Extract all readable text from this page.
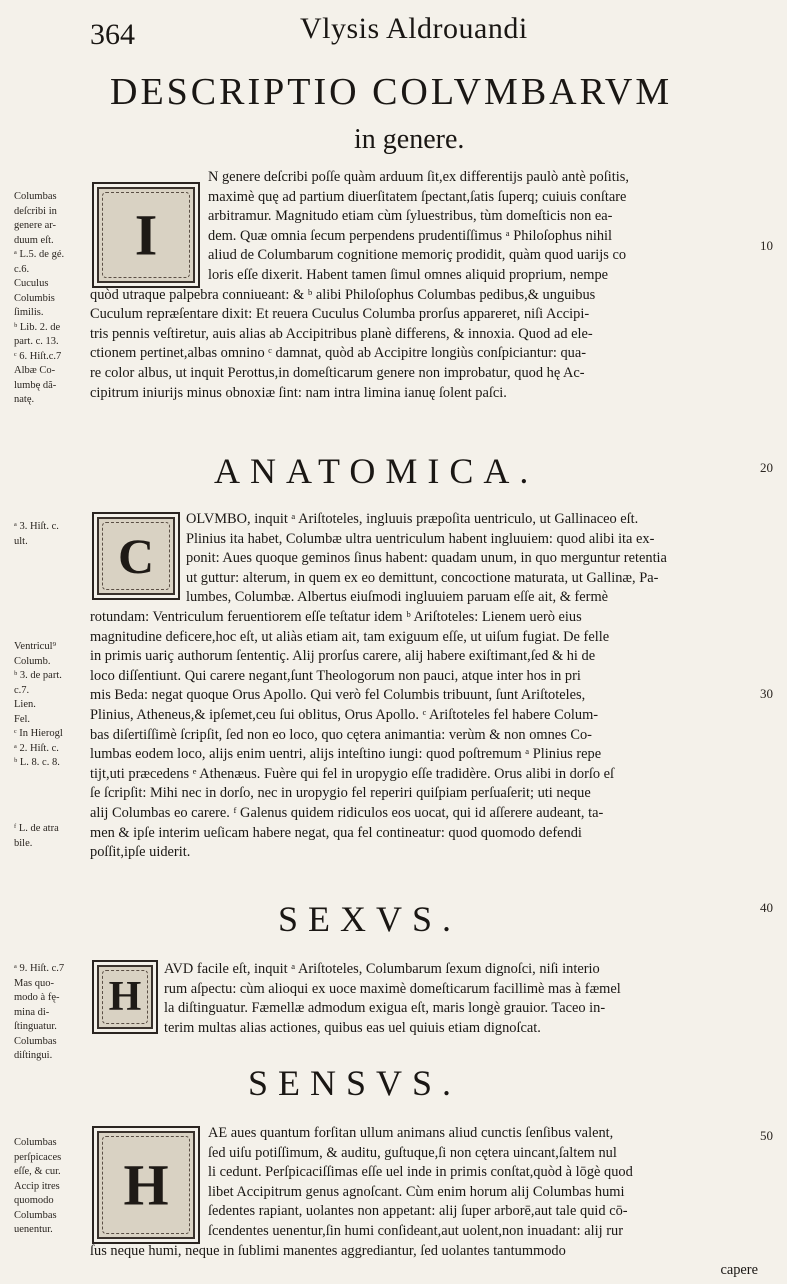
364	Vlysis Aldrouandi
DESCRIPTIO COLVMBARVM
in genere.
I
N genere deſcribi poſſe quàm arduum ſit,ex differentijs paulò antè poſitis,
maximè quę ad partium diuerſitatem ſpectant,ſatis ſuperq; cuiuis conſtare
arbitramur. Magnitudo etiam cùm ſyluestribus, tùm domeſticis non ea-
dem. Quæ omnia ſecum perpendens prudentiſſimus ᵃ Philoſophus nihil
aliud de Columbarum cognitione memoriç prodidit, quàm quod uarijs co
loris eſſe dixerit. Habent tamen ſimul omnes aliquid proprium, nempe
quòd utraque palpebra conniueant: & ᵇ alibi Philoſophus Columbas pedibus,& unguibus
Cuculum repræſentare dixit: Et reuera Cuculus Columba prorſus appareret, niſi Accipi-
tris pennis veſtiretur, auis alias ab Accipitribus planè differens, & innoxia. Quod ad ele-
ctionem pertinet,albas omnino ᶜ damnat, quòd ab Accipitre longiùs conſpiciantur: qua-
re color albus, ut inquit Perottus,in domeſticarum genere non improbatur, quod hę Ac-
cipitrum iniurijs minus obnoxiæ ſint: nam intra limina ianuę ſolent paſci.
Columbas
deſcribi in
genere ar-
duum eſt.
ᵃ L.5. de gé.
c.6.
Cuculus
Columbis
ſimilis.
ᵇ Lib. 2. de
part. c. 13.
ᶜ 6. Hiſt.c.7
Albæ Co-
lumbę dã-
natę.
10
ANATOMICA.	20
C
OLVMBO, inquit ᵃ Ariſtoteles, ingluuis præpoſita uentriculo, ut Gallinaceo eſt.
Plinius ita habet, Columbæ ultra uentriculum habent ingluuiem: quod alibi ita ex-
ponit: Aues quoque geminos ſinus habent: quadam unum, in quo merguntur retentia
ut guttur: alterum, in quem ex eo demittunt, concoctione maturata, ut Gallinæ, Pa-
lumbes, Columbæ. Albertus eiuſmodi ingluuiem paruam eſſe ait, & fermè
rotundam: Ventriculum feruentiorem eſſe teſtatur idem ᵇ Ariſtoteles: Lienem uerò eius
magnitudine deficere,hoc eſt, ut aliàs etiam ait, tam exiguum eſſe, ut uiſum fugiat. De felle
in primis uariç authorum ſententiç. Alij prorſus carere, alij habere exiſtimant,ſed & hi de
loco diſſentiunt. Qui carere negant,ſunt Theologorum non pauci, atque inter hos in pri
mis Beda: negat quoque Orus Apollo. Qui verò fel Columbis tribuunt, ſunt Ariſtoteles,
Plinius, Atheneus,& ipſemet,ceu ſui oblitus, Orus Apollo. ᶜ Ariſtoteles fel habere Colum-
bas diſertiſſimè ſcripſit, ſed non eo loco, quo cętera animantia: verùm & non omnes Co-
lumbas eodem loco, alijs enim uentri, alijs inteſtino iungi: quod poſtremum ᵃ Plinius repe
tijt,uti præcedens ᵉ Athenæus. Fuère qui fel in uropygio eſſe tradidère. Orus alibi in dorſo eſ
ſe ſcripſit: Mihi nec in dorſo, nec in uropygio fel reperiri quiſpiam perſuaſerit; uti neque
alij Columbas eo carere. ᶠ Galenus quidem ridiculos eos uocat, qui id aſſerere audeant, ta-
men & ipſe interim ueſicam habere negat, qua fel contineatur: quod quomodo defendi
poſſit,ipſe uiderit.
ᵃ 3. Hiſt. c.
ult.
Ventricul⁹
Columb.
ᵇ 3. de part.
c.7.
Lien.
Fel.
ᶜ In Hierogl
ᵃ 2. Hiſt. c.
ᵇ L. 8. c. 8.
ᶠ L. de atra
bile.
30
SEXVS.	40
H
AVD facile eſt, inquit ᵃ Ariſtoteles, Columbarum ſexum dignoſci, niſi interio
rum aſpectu: cùm alioqui ex uoce maximè domeſticarum facillimè mas à fæmel
la diſtinguatur. Fæmellæ admodum exigua eſt, maris longè grauior. Taceo in-
terim multas alias actiones, quibus eas uel quiuis etiam dignoſcat.
ᵃ 9. Hiſt. c.7
Mas quo-
modo à fę-
mina di-
ſtinguatur.
Columbas
diſtingui.
SENSVS.
H
AE aues quantum forſitan ullum animans aliud cunctis ſenſibus valent,
ſed uiſu potiſſimum, & auditu, guſtuque,ſi non cętera uincant,ſaltem nul
li cedunt. Perſpicaciſſimas eſſe uel inde in primis conſtat,quòd à lōgè quod
libet Accipitrum genus agnoſcant. Cùm enim horum alij Columbas humi
ſedentes rapiant, uolantes non appetant: alij ſuper arborē,aut tale quid cō-
ſcendentes uenentur,ſin humi conſideant,aut uolent,non inuadant: alij rur
ſus neque humi, neque in ſublimi manentes aggrediantur, ſed uolantes tantummodo
capere
Columbas
perſpicaces
eſſe, & cur.
Accip itres
quomodo
Columbas
uenentur.
50
